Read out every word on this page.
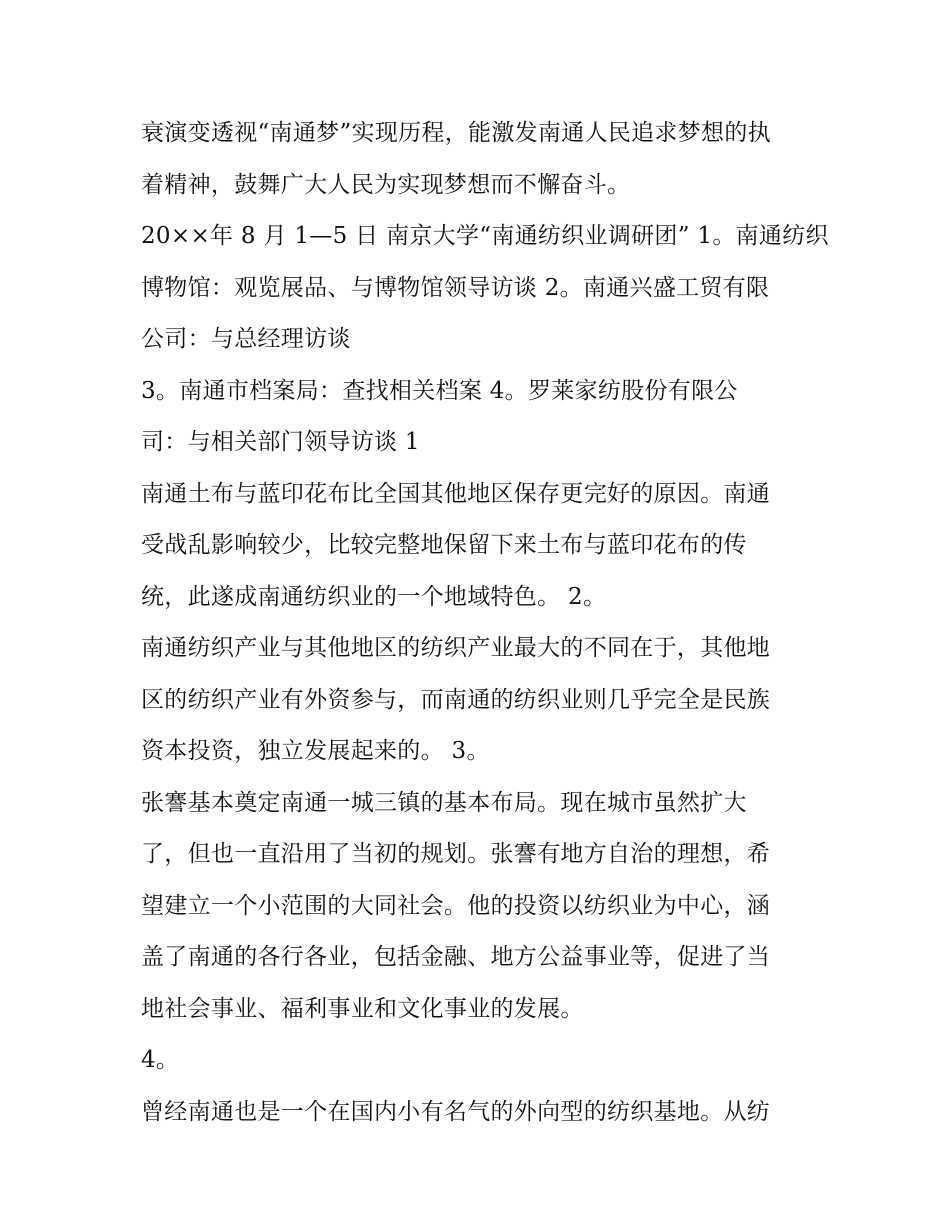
衰演变透视“南通梦”实现历程，能激发南通人民追求梦想的执
着精神，鼓舞广大人民为实现梦想而不懈奋斗。
20××年 8 月 1—5 日 南京大学“南通纺织业调研团” 1。南通纺织
博物馆：观览展品、与博物馆领导访谈 2。南通兴盛工贸有限
公司：与总经理访谈
3。南通市档案局：查找相关档案 4。罗莱家纺股份有限公
司：与相关部门领导访谈 1
南通土布与蓝印花布比全国其他地区保存更完好的原因。南通
受战乱影响较少，比较完整地保留下来土布与蓝印花布的传
统，此遂成南通纺织业的一个地域特色。 2。
南通纺织产业与其他地区的纺织产业最大的不同在于，其他地
区的纺织产业有外资参与，而南通的纺织业则几乎完全是民族
资本投资，独立发展起来的。 3。
张謇基本奠定南通一城三镇的基本布局。现在城市虽然扩大
了，但也一直沿用了当初的规划。张謇有地方自治的理想，希
望建立一个小范围的大同社会。他的投资以纺织业为中心，涵
盖了南通的各行各业，包括金融、地方公益事业等，促进了当
地社会事业、福利事业和文化事业的发展。
4。
曾经南通也是一个在国内小有名气的外向型的纺织基地。从纺
